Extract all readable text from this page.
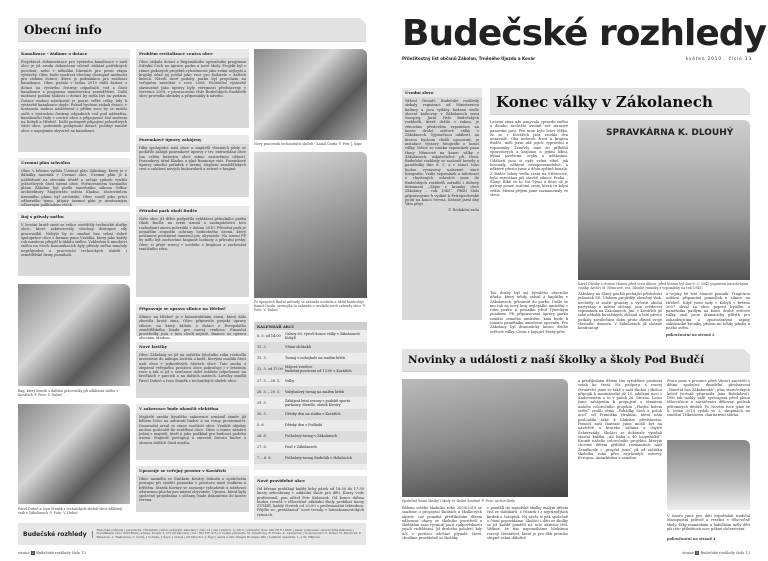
Obecní info
Kanalizace - žádáme o dotace

Projektová dokumentace pro výstavbu kanalizace v naší obci je již aruda dokončena včetně získání potřebných povolení, nebo v několika hlavních pro první etapu výstavby. Obec bude využívat všechny dostupné možnosti pro získání dotace, které je podmínkou pro realizaci kanalizace. Obec podala v lednu 2010 další žádost o dotaci na výstavbu čistírny odpadních vod a části kanalizace z programu ministerstva zemědělství. Další možnost podání žádosti o dotaci by měla být na podzim. Dotace mohou nárokovat je pouze velké celky, kdy k výstavbě kanalizace dojde. Pokud bychom získali dotaci, v horizontu mohou následovat s přítím roce by se mohlo začít s výstavbou čistírny odpadních vod pod nádražím, kanalizační řady v centru obce a připojovací řad směrem na Kobylí a Hřebeč. Další postupně připojení jednotlivých částí obce, podmínek poskytnutí dotací, počítají mnohé obce s napojením obyvatel na kanalizaci.

Územní plán schválen

Obec v březnu vydala Územní plán Zákolany, který je v dálnilky nazvánk v Územní obci. Územní plán je k nahlédnutí na obecním úřadě a určuje způsob využití jednotlivých částí území obce. Pořizovatelem územního plánu Zákolan byl podle stavebního zákona Odbor architektury Magistrátu města Kladna, zhotovitelem územního plánu byl architekt. Obec soudí jako práci odborného týmu, přijatý územní plán je nezávazným odborným podkladem všech.

Boj s přívaly sněhu

V letošní krutě zimě se velice osvědčily technické služby obce, které zaktivizovaly všechny dostupné síly pracovníků. Nebylo by to snadné bez velmi dobré spolupráce obce s farmou pana Vrabíka, který jako každý rok mnohem přispěl k úklidu sněhu. Vzhledem k množství sněhu na všech komunikacích byly přívaly sněhu mnohdy neprůjezdné a pracovníci technických služeb i zemědělské firmy pomáhali.

Bag, který hravili s dalšími pracovníky při odklízení sněhu v Kovářích ® Foto: V. Dubeč

Pavel Dubeč a Ivan Staněk z technických služeb obce odklízejí sníh v Zákolanech ® Foto: V. Dubeč

Problém revitalizace centra obce

Obec získala dotaci z Regionálního operačního programu Střední Čech na úpravu parku u nové školy. Projekt byl v rámci podaných projektů vyhodnocen jako velmi nejlepší a krajský úřad jej poslal jako vzor pro žadatele v dalších kolech. Návrh nové podoby parku byl projednán na veřejném zasedání v roce 2008. Počáteční výstavbě slavnostně jako úpravy byly veřejnosti představeny v červenci 2009, v prosincovém čísle Budečských Rozhledů obec provedla obrázky a připomínky k návrhu.

Pozemkové úpravy zahájeny

Díky spolupráci naší obce a majitelů vlastních půdy se podařilo zahájit pozemkové úpravy v tzv. extravilánu obce (na celém katastru obce mimo zastavěnou oblast). Pozemkový úřad Kladno a plně financuje stát. Pozemkové úpravy umožní pořádek v území, zlepšení zemědělských cest a založení nových biokoridorů a zeleně v krajině.

Přírodní park okolí Budče

Naše obec již dříve podpořila vyhlášení přírodního parku Okolí Budče na svém území a zastupitelstvo toto rozhodnutí znovu potvrdilo v dubnu 2010. Přírodní park je nejnižším stupněm ochrany hodnotného území, který nestanoví podstatné omezení pro obyvatele. Na území PP by mělo být zachováno krajinné hodnoty a přírodní prvky. Obec si přeje rozvoj v souladu s krajinou a zachování tradičního rázu.

Připravuje se oprava silnice na Hřebeč

Silnice na Hřebeč je v katastrofálním stavu, který dále zhoršila krutá zima. Obec připravila projekt opravy silnice, na který žádala o dotaci z Evropského zemědělského fondu pro rozvoj venkova. Finanční prostředky jsou v tuto chvíli nejisté, finance na opravu obecním úřadem.

Nové lavičky

Obec Zákolany se již na začátku letošního roku rozhodla investovat do nákupu laviček a košů, kterými osadila části naší obce v jednotlivých částech obce. Tato snaha o zlepšení veřejného prostoru obce pokračuje i v letošním roce a tak si již v současné době můžete odpočinout na lavičkách v parcích a na dalších místech. Lavičky osadili Pavel Dubeč a Ivan Staněk z technických služeb obce.

V zakovrace bude ukončit elektřina

Majitelé areálu bývalého zakovrace oznámil záměr již během letos na zahrnutí budov a na vstup prostranství. Dosavadní areál se stane součástí obce. Vzniklé objekty mohou posloužit ke rozšíření obce. Obec o tomto záměru jedná s majiteli, kteří ji jako podklad pro budoucí podobu území. Majitelé postupují a zároveň čistotu budov a obnovu dalších částí areálu.

Upravuje se veřejný prostor v Kovářích

Obec nasměla se Statkem Kováry dohodu o společném postupu při využití pozemku v prostoru mezi statkem a hřištěm. Statek Kováry se zavazuje vybudovat a udržovat odstavnou plochu pro místní obyvatele. Úprava, která byla společně projednána s občany, bude dokončena do konce června.

Nový pracovník technických služeb - Kamil Čurda ® Petr J. Šupr

Po úpravách školní zahrady se zahrada uvolnila a úklid kontroluje Kamil Čurda, sestrojila tu zahradu a uvolnila nově zahrady obce ® Foto: V. Dubeč

KALENDÁŘ AKCÍ
8. 5. od 14:00	Oslavy 65. výročí konce války v Zákolanech
Kobylí
15. 5.	Vítání občánků

15. 5.	Turnaj v nohejbale na malém hřišti

22. 5. od 17:00 Májová veselice
hudební posvícení od 13:00 v Kovářích
27. 5. – 28. 5.	Volby

28. 5. – 29. 5.	Volejbalový turnaj na malém hřišti

29. 5.	Zahájení letní sezony v podobě sportu
parkoury, divadlo, statek Kováry
30. 5.	Dětský den na statku v Kovářích

5. 6.	Dětský den v Podbabí

26. 6.	Fotbalový turnaj v Zákolanech

27. 6.	Pouť v Zákolanech

7. – 8. 8.	Fotbalový turnaj Budečák v Holubicích

Nové pravidelné akce

Od března probíhají každý lichý pátek od 16:30 do 17:30 kurzy sebeobrany v základní škole pro děti. Kurzy vede profesionál, pan učitel Petr Kalousek. Od konce dubna budou rovněž v tělocvičně základní školy probíhat kurzy ZUMBY, každý čtvrtek od 20:00 s profesionální lektorkou. Přijďte se „protáhnout“ nové trendy, v latinskoamerických rytmech.

Budečské rozhledy
Budečské rozhledy | periodicita: čtvrtletník | místo vydávání: Zákolany | číslo 13 | den vydání 5. 5. 2010 | evidenční číslo: MK ČR E 19566 | název vydavatele: Obecní úřad Zákolany | identifikační číslo: 00818640 | adresa: Kováry 3, 273 28 Zákolany | tel.: 602 837 975 | k vydání připravili: M. Armstrong, R. Erban, K. Langerová | ve spolupráci: V. Dubeč, H. Miroková, P. Bekešová, L. Waldeková, V. Černý, J. Votípka, J. Šupr, J. Dobeš | Art Director: J. Šupr | sazba a tisk: Integra Boutique 080 | redakční uzávěrka: 1. a 30. Häjková
strana 2 Budečské rozhledy číslo 13
Budečské rozhledy
Příležitostný list občanů Zákolan, Trněného Újezdu a Kovár	květen 2010 . číslo 13
Úvodní slovo

Vážení čtenáři, Budečské rozhledy získaly registraci od Ministerstva kultury a jsou vydány hodnou vedle obecní knihovny v Zákolanech mezi časopisy. Jarní číslo Budečských rozhledů, které držíte v rukou, je věnováno především vzpomínce na konec druhé světové války v Zákolanech. Výjimečnou událostí, na kterou bychom chtěli upozornit, je instalace výstavy fotografií o konci války. Velice se vzniku vzpomínek pana Hany Němcové na konec války v Zákolanech, uskutečněné při čtení. Budečské rozhledy se zaslouží besedy a pamětníky dne 8. 5. a v rámci toho budou vystaveny nalezené staré fotografie. Vedle vzpomínek a informací o chystaných oslavách jsme do Budečských rozhledů zařadili i dobový dokument „Zápis z kroniky obce Zákolany – rok 1945“. Příští číslo připravujeme k vydání k Petropavlovské pouti na konci června. Krásné jarní dny Vám přeje

© Redakční rada

Konec války v Zákolanech

Letošní zima nás nanyvala opravdu sněhu a dlouho nechtěla uvolnit své mrazivé panování jaru. Pro mne bylo letos těžko, že se v Kovářích jara zrodila dva nezávislé. Oba milovali život a krajinu Budče, měli jsem rád jejich vyprávění a vzpomínky. Zemřely mne do příběhů opravdových a krajinou a jejími lidmi, jejími pověstmi, zvyky a událostmi. Událostí jsou si opět velmi silné, jak hovoraly, některé nezapomenutelné, a některé přesto jsme z dějin zpětně konala. Z Budče tehdy vedla cesta na Střetovice, byla rozvrtána při stavbě silnice Praha – Slaný. Říká se tu Na Týnci a dnes už je patrný pouze rozlomí cesty, která tu kdysi vedla. Místní příjem jsme zaznamenaly ve slova.

SPRAVKÁRNA K. DLOUHÝ

Karel Dlouhý s dcerou Hanou před svou dílnou, před kterou byl dne 8. 5. 1945 popraven nacistickými vojáky. Archiv H. Němcové, roz. Dlouhé (snímky z vzpomínky na rok 1945)

Tou druhý byl asi bývalého obecního úřadu, který tehdy stával a kapličky v Zákolanech, přesunut do parku. Došlo se mu tak na nový kraj nejlepšího umístění v rohu parku u pomníku před Týneckým potokem. Při připravovaní úpravy parku vzniklo cenného umístění, kam bude k tomuto pamětníku umisťovat upevněn. Pro Zákolany byl dramatický konec druhé světové války. Cesta z bojující Prahy přes

Zákolany na Slaný použili prchající příslušníci jednotek SS. Útokem projíždějí obrněný vlak, nechtěly si zničit granáty a vyčistit okolní partyzány a místní občany, jsou svědectví vzpomínek na Zakolanech. Jiní, v Kovářích již také několik kovářských občanů a lidé přesto potkaly poválečnou dobu proto důvod svoje vlastního domova. V Zákolanech již občané konfrontují

a vojsky 66 letá činnost pomník. Tragickou událost připomíná pomníček u silnice na Hřebeč. Když jsem tady v Kobylí v květnu 2007 slíval za obec poprvé kytičku u pamětníku padlým na konci druhé světové války, znal jsem dramatický příběh pro zahanbujícími a zpustošenými zápisy zakolanské kroniky, přitom mi tehdy jakoby a jiného světa.

pokračování na straně 2

Novinky a události z naší školky a školy Pod Budčí

Společné hraní školky i školy ve školní družině ® Foto: archiv školy

Během celého školního roku 2009/2010 se snažíme o propojení školních a školkových aktivit, což pomáhá předškolním dětem odbourat obavy ze školního prostředí a školákům zase vyvinutí pocit zodpovědnosti jejich vzdělávání. Již druhého pololetí, kdy učí v prvňáci odchází plynulé čtení, chodíme pravidelně se školáky

v pondělí do mateřské školky malým dětem číst ze slabikářů, z čítanek i z nejrůznějších knížek a časopisů. Na závěr si pak společně o čtení popovídáme. Školáci i děti ze školky se již každé pondělí na tuto aktivitu těší. Věříme, že tím napomáháme hlubšímu rozvoji čtenářství, které je pro děti prvního stupně velmi důležité

a předškolním dětem tím vytváříme pozitivní vztah ke čtení. Na podporu a rozvoj čtenářství jsme se také s naší školou i školou připojili k mezinárodní již 10. jubilejní noci s Andersenem a to v pátek 26. března. Letos jsme zahájením k propojení s tématem našeho celoročního projektu „Plavba kolem světa“ zvolili téma „Pohádky časů a poloh nocí“ od Františka Hrubína, která nám posloužila také k hlubším představám. Pomocí naší fantazie jsme mohli být na návštěvě u krutého sultána a chytré Šeherezády. Školáci se dokonale vyrobili vlastní knížku „Ali Baba a 40 loupežníků“. Kromě našeho celoročního projektu, kterým chceme dětem přiblížit rozmanitost naší Zeměkoule i „proplul jsme“ již od začátku školního roku přes nejrůznější ostrovy, Evropou, Antarktidou a zeměmi.

Proto jsme v prosinci před Vánoci nacvičili s dětmi společné divadelní představení „Vánoční hra Zákolanská“, plus staročeských koled (scénář připravila Jana Bohdalová). Děti tak mohly nalít vystoupení před plnou tělocvičnou a návštěvníci děkovný potlesk přítomných diváků. Po Novém roce jsme se 6. ledna 2010 vydali ve 2. skupinách na tradiční Tříkrálovou charitativní sbírku.

V únoru jsme pro děti uspořádali tradiční Masopustní průvod a veselici v tělocvičně školy. Díky maminkám a babičkám měly děti při této příležitosti moc pěkné občerstvení.

pokračování na straně 4

strana 3 Budečské rozhledy číslo 13
